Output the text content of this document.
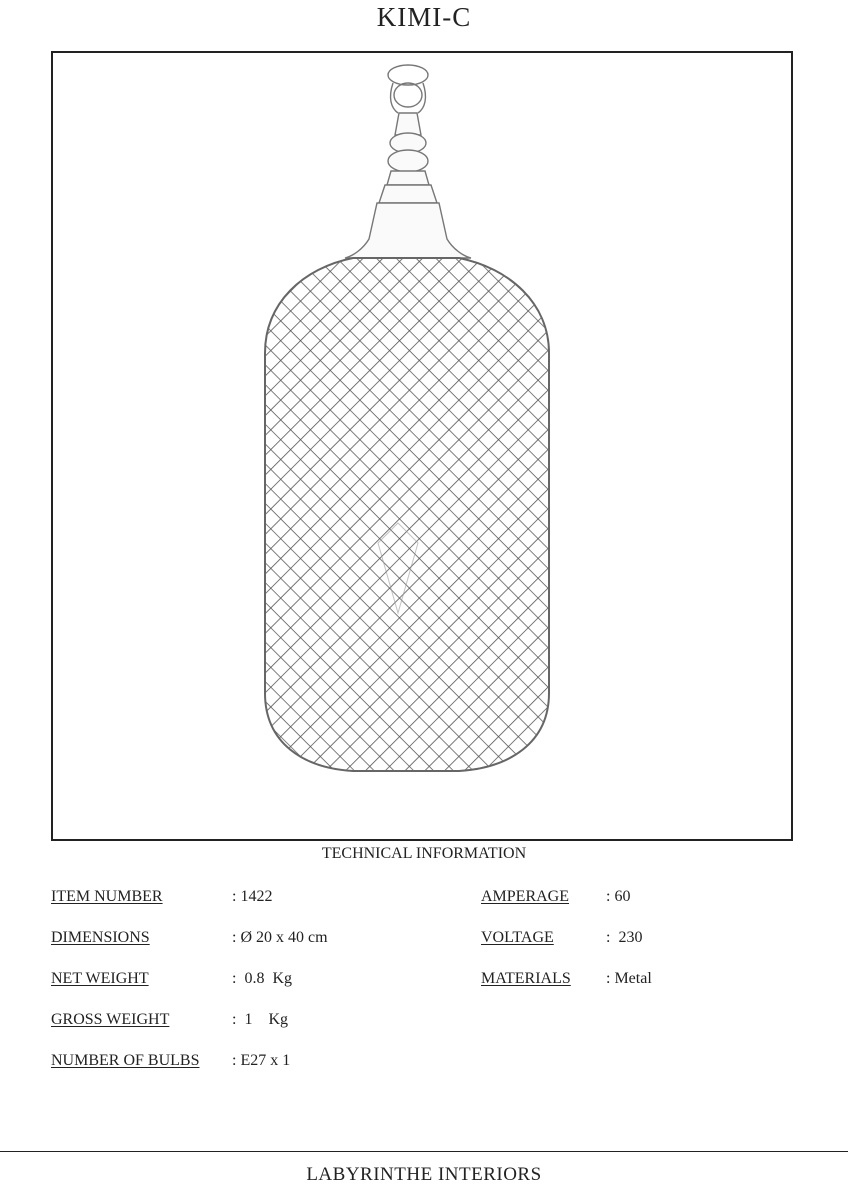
KIMI-C
TECHNICAL INFORMATION
ITEM NUMBER	: 1422
DIMENSIONS	: Ø 20 x 40 cm
NET WEIGHT	:  0.8  Kg
GROSS WEIGHT	:  1    Kg
NUMBER OF BULBS : E27 x 1
AMPERAGE : 60
VOLTAGE	:  230
MATERIALS : Metal
LABYRINTHE INTERIORS
